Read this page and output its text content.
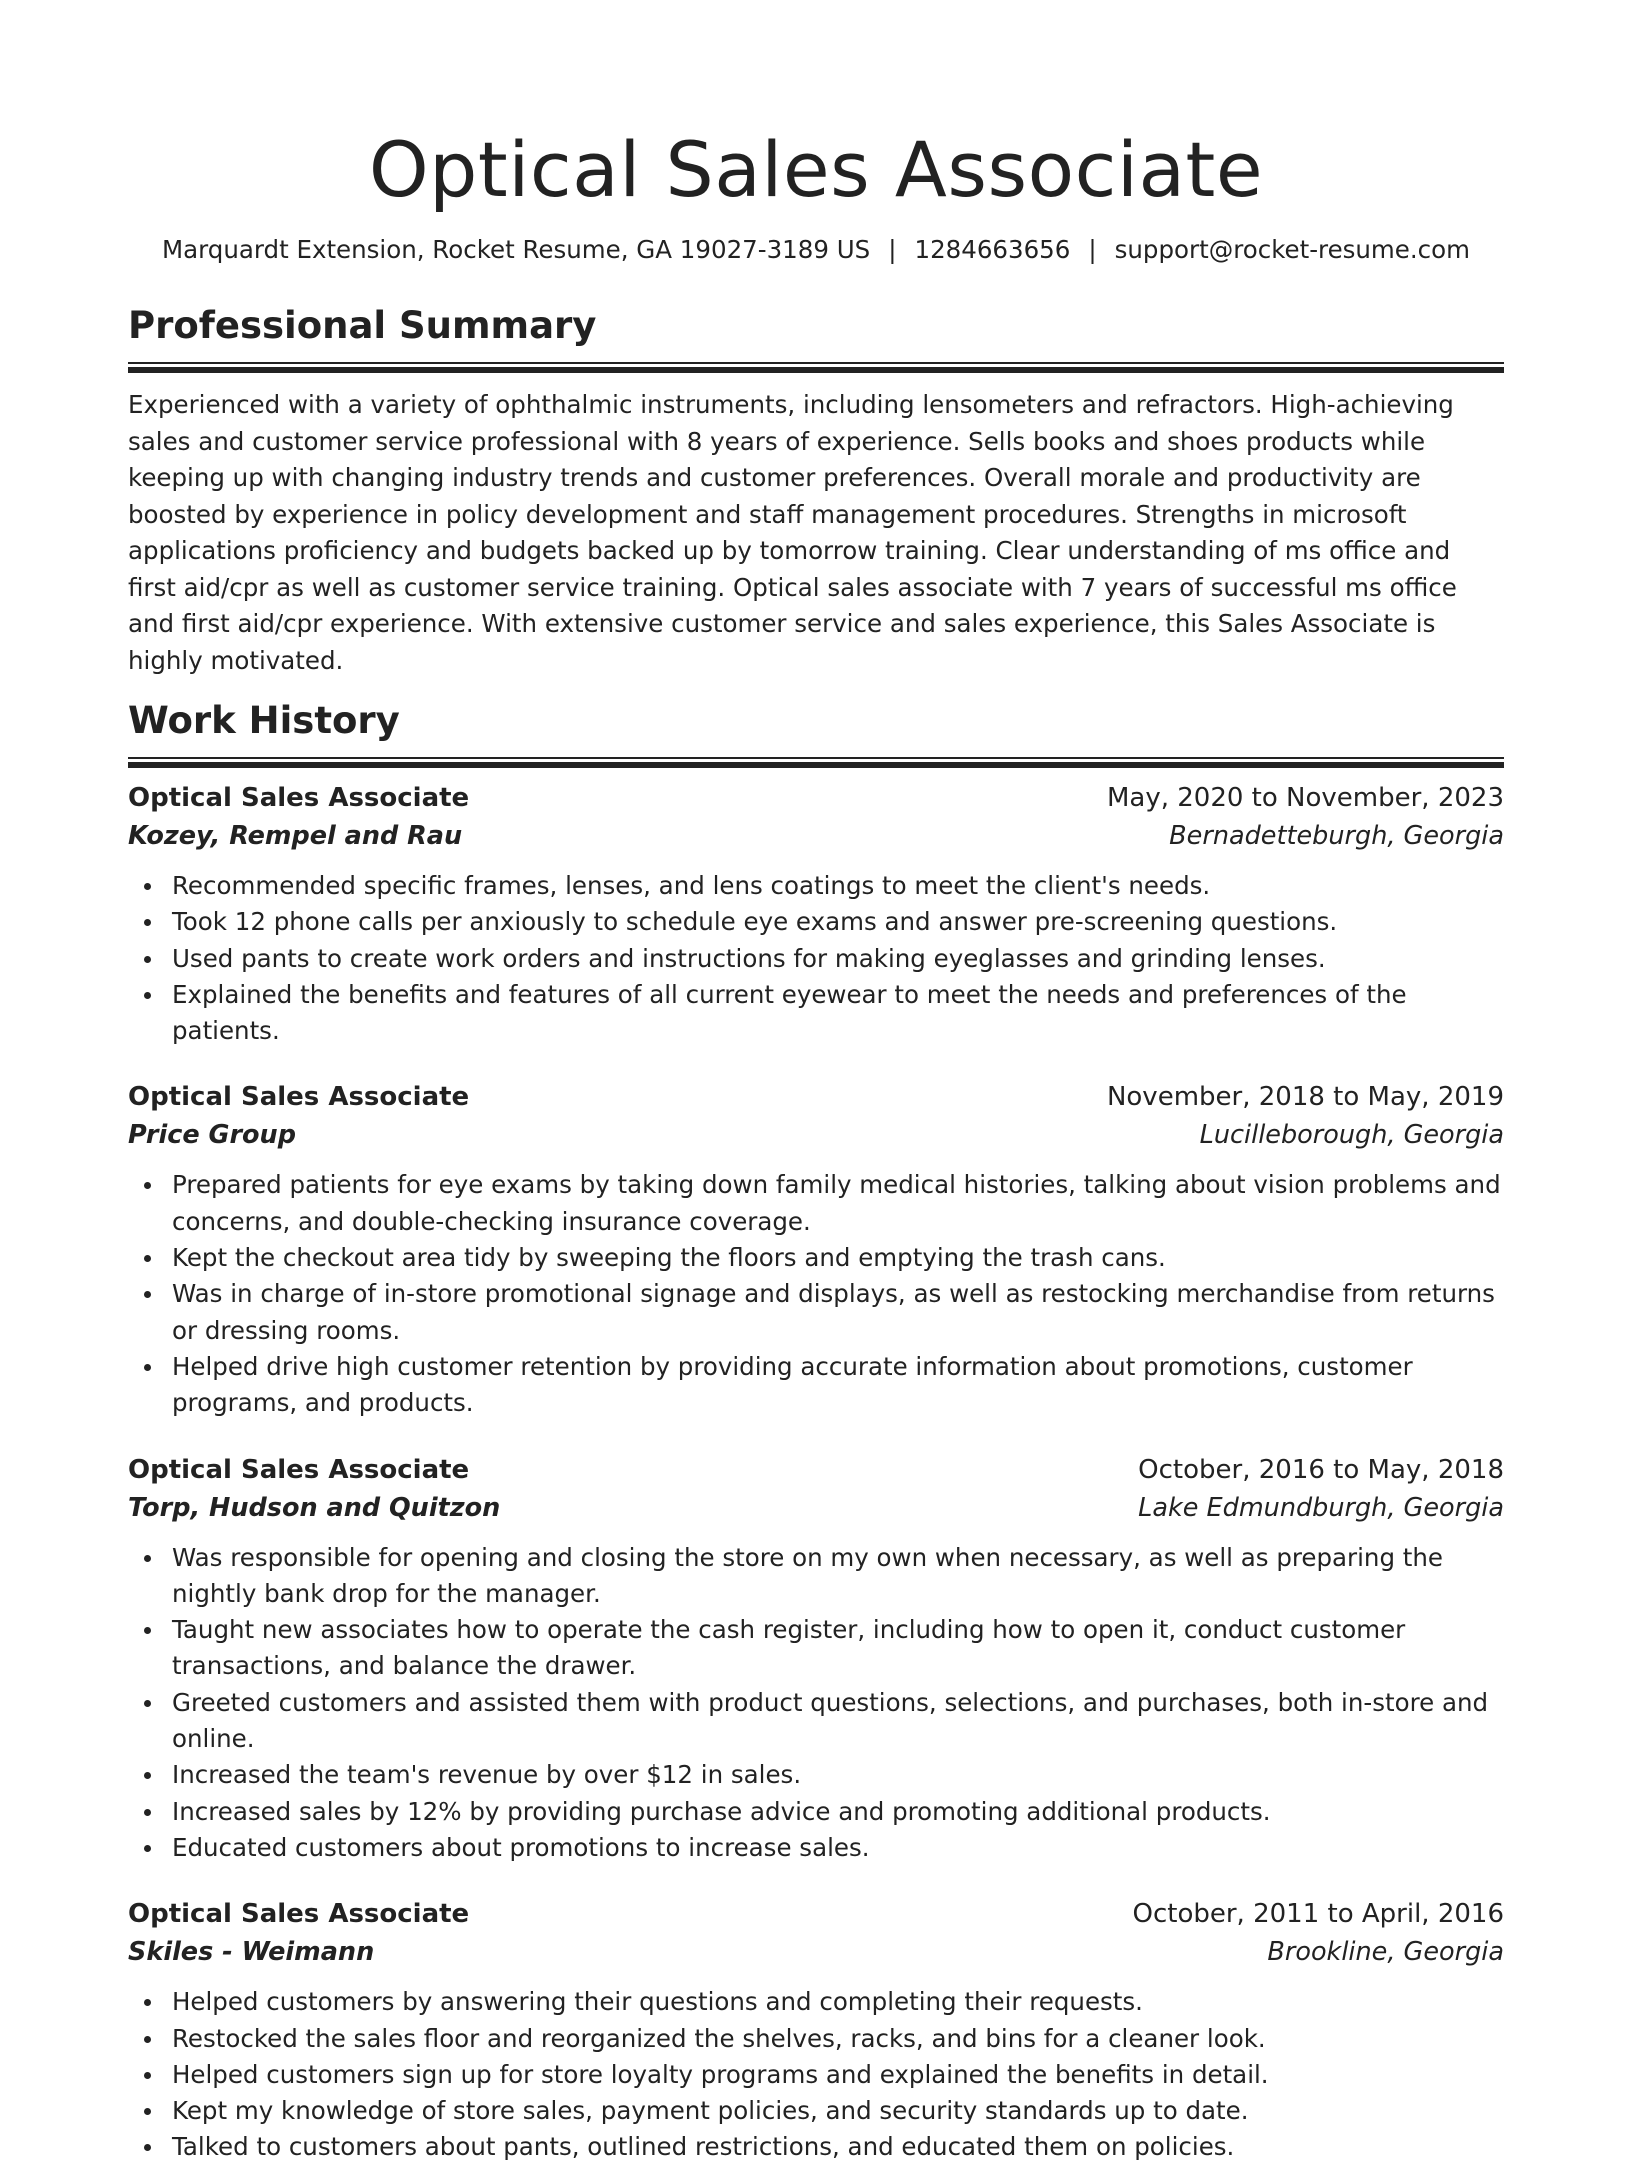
Optical Sales Associate
Marquardt Extension, Rocket Resume, GA 19027-3189 US | 1284663656 | support@rocket-resume.com
Professional Summary
Experienced with a variety of ophthalmic instruments, including lensometers and refractors. High-achieving sales and customer service professional with 8 years of experience. Sells books and shoes products while keeping up with changing industry trends and customer preferences. Overall morale and productivity are boosted by experience in policy development and staff management procedures. Strengths in microsoft applications proficiency and budgets backed up by tomorrow training. Clear understanding of ms office and first aid/cpr as well as customer service training. Optical sales associate with 7 years of successful ms office and first aid/cpr experience. With extensive customer service and sales experience, this Sales Associate is highly motivated.
Work History
Optical Sales Associate	May, 2020 to November, 2023
Kozey, Rempel and Rau	Bernadetteburgh, Georgia
Recommended specific frames, lenses, and lens coatings to meet the client's needs.
Took 12 phone calls per anxiously to schedule eye exams and answer pre-screening questions.
Used pants to create work orders and instructions for making eyeglasses and grinding lenses.
Explained the benefits and features of all current eyewear to meet the needs and preferences of the patients.
Optical Sales Associate	November, 2018 to May, 2019
Price Group	Lucilleborough, Georgia
Prepared patients for eye exams by taking down family medical histories, talking about vision problems and concerns, and double-checking insurance coverage.
Kept the checkout area tidy by sweeping the floors and emptying the trash cans.
Was in charge of in-store promotional signage and displays, as well as restocking merchandise from returns or dressing rooms.
Helped drive high customer retention by providing accurate information about promotions, customer programs, and products.
Optical Sales Associate	October, 2016 to May, 2018
Torp, Hudson and Quitzon	Lake Edmundburgh, Georgia
Was responsible for opening and closing the store on my own when necessary, as well as preparing the nightly bank drop for the manager.
Taught new associates how to operate the cash register, including how to open it, conduct customer transactions, and balance the drawer.
Greeted customers and assisted them with product questions, selections, and purchases, both in-store and online.
Increased the team's revenue by over $12 in sales.
Increased sales by 12% by providing purchase advice and promoting additional products.
Educated customers about promotions to increase sales.
Optical Sales Associate	October, 2011 to April, 2016
Skiles - Weimann	Brookline, Georgia
Helped customers by answering their questions and completing their requests.
Restocked the sales floor and reorganized the shelves, racks, and bins for a cleaner look.
Helped customers sign up for store loyalty programs and explained the benefits in detail.
Kept my knowledge of store sales, payment policies, and security standards up to date.
Talked to customers about pants, outlined restrictions, and educated them on policies.
